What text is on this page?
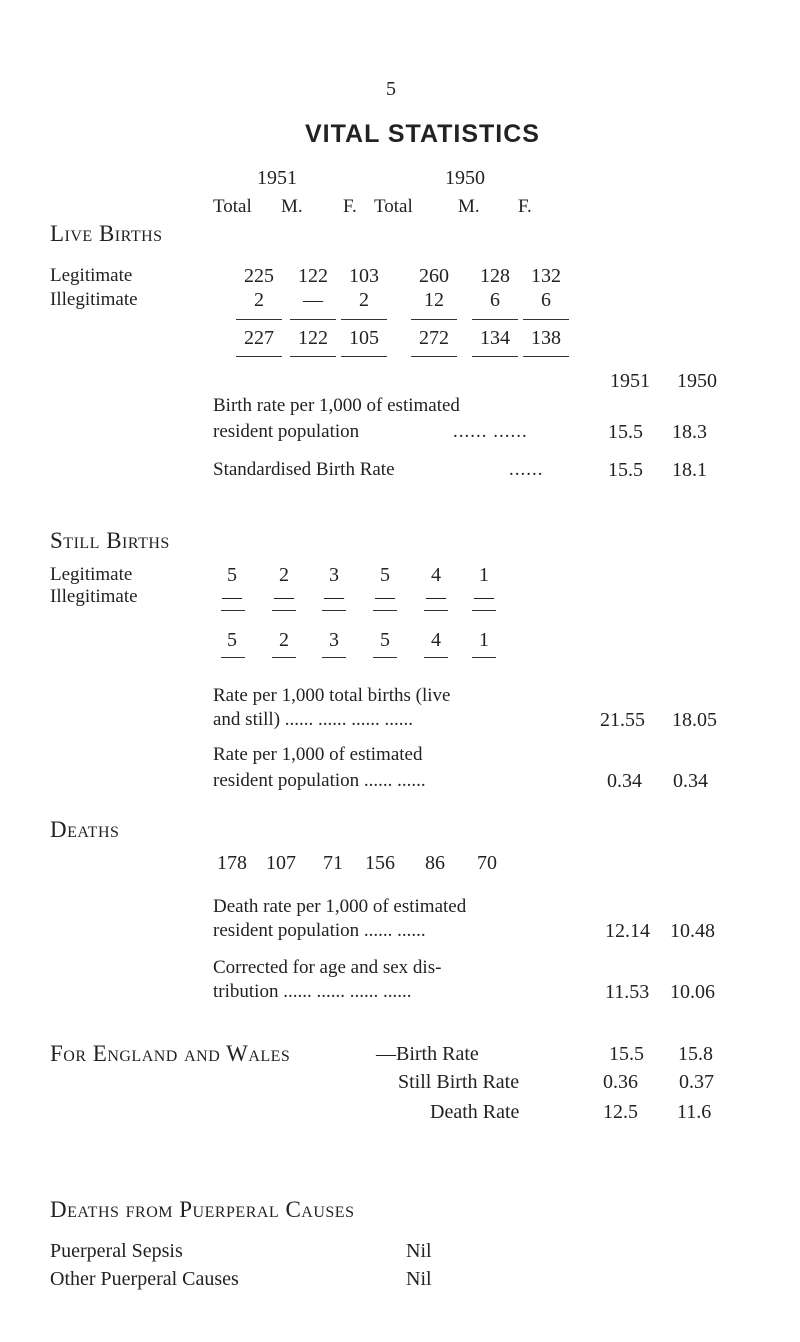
5
VITAL STATISTICS
1951	1950
Total M. F. Total M. F.
Live Births
Legitimate
Illegitimate
225	122	103	260	128	132
2	—	2	12	6	6
227	122	105	272	134	138
1951 1950
Birth rate per 1,000 of estimated
resident population	...... ......	15.5 18.3
Standardised Birth Rate	......	15.5 18.1
Still Births
Legitimate
Illegitimate
5	2	3	5	4	1
—	—	—	—	—	—
5	2	3	5	4	1
Rate per 1,000 total births (live
and still) ...... ...... ...... ......	21.55 18.05
Rate per 1,000 of estimated
resident population ...... ......	0.34 0.34
Deaths
178 107	71	156	86	70
Death rate per 1,000 of estimated
resident population ...... ......	12.14 10.48
Corrected for age and sex dis-
tribution ...... ...... ...... ......	11.53 10.06
For England and Wales	—Birth Rate	15.5 15.8
Still Birth Rate	0.36 0.37
Death Rate	12.5 11.6
Deaths from Puerperal Causes
Puerperal Sepsis	Nil
Other Puerperal Causes	Nil
